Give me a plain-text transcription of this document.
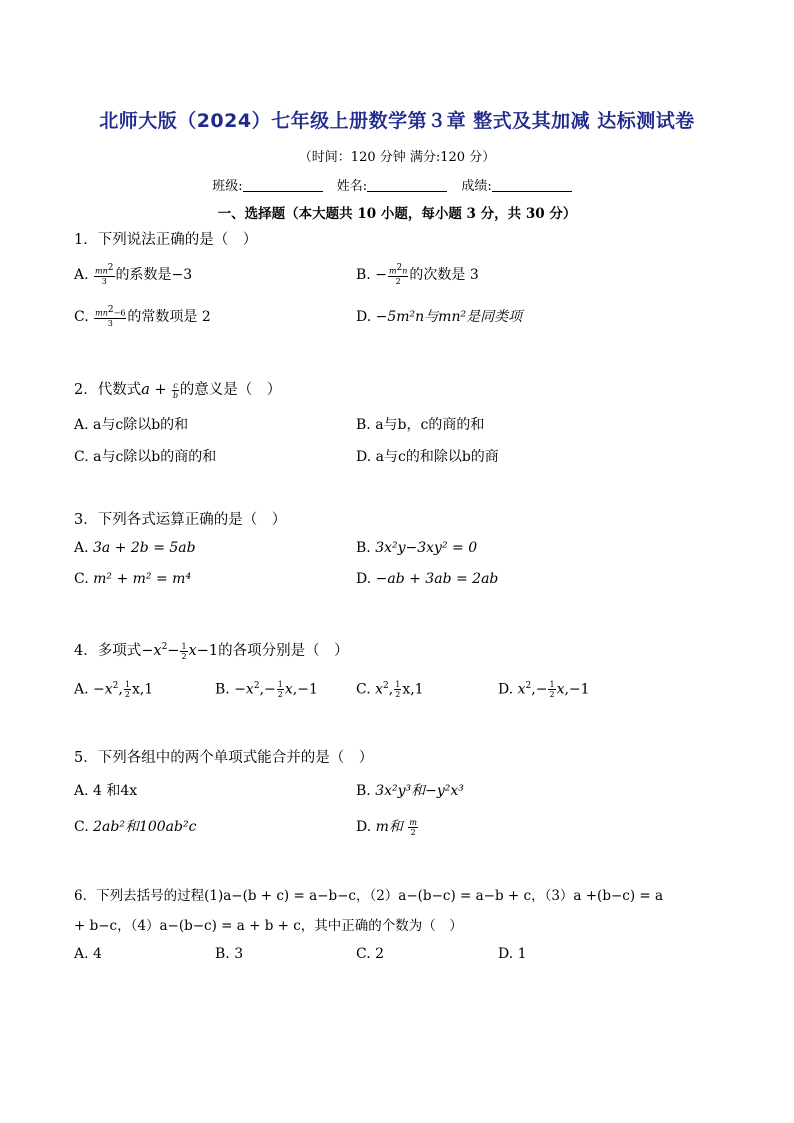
北师大版（2024）七年级上册数学第３章 整式及其加减 达标测试卷
（时间：120 分钟 满分:120 分）
班级:	姓名:	成绩:
一、选择题（本大题共 10 小题，每小题 3 分，共 30 分）
1．下列说法正确的是（　）
A. $\frac{mn^2}{3}$ 的系数是−3	B. − $\frac{m^2n}{2}$ 的次数是 3
C. $\frac{mn^2-6}{3}$ 的常数项是 2	D. −5m²n与mn²是同类项
2．代数式$a + \frac{c}{b}$ 的意义是（　）
A. a与c除以b的和	B. a与b，c的商的和
C. a与c除以b的商的和	D. a与c的和除以b的商
3．下列各式运算正确的是（　）
A. 3a + 2b = 5ab	B. 3x²y−3xy² = 0
C. m² + m² = m⁴	D. −ab + 3ab = 2ab
4．多项式$-x^2- \frac{1}{2} x-1$的各项分别是（　）
A. $-x^2$, $\frac{1}{2} x,1$	B. $-x^2,- \frac{1}{2} x,-1$	C. $x^2$, $\frac{1}{2} x,1$	D. $x^2,- \frac{1}{2} x,-1$
5．下列各组中的两个单项式能合并的是（　）
A. 4 和4x	B. 3x²y³和−y²x³
C. 2ab²和100ab²c	D. m和 $\frac{m}{2}$
6．下列去括号的过程(1)a−(b + c) = a−b−c，（2）a−(b−c) = a−b + c，（3）a +(b−c) = a
+ b−c，（4）a−(b−c) = a + b + c，其中正确的个数为（　）
A. 4	B. 3	C. 2	D. 1
